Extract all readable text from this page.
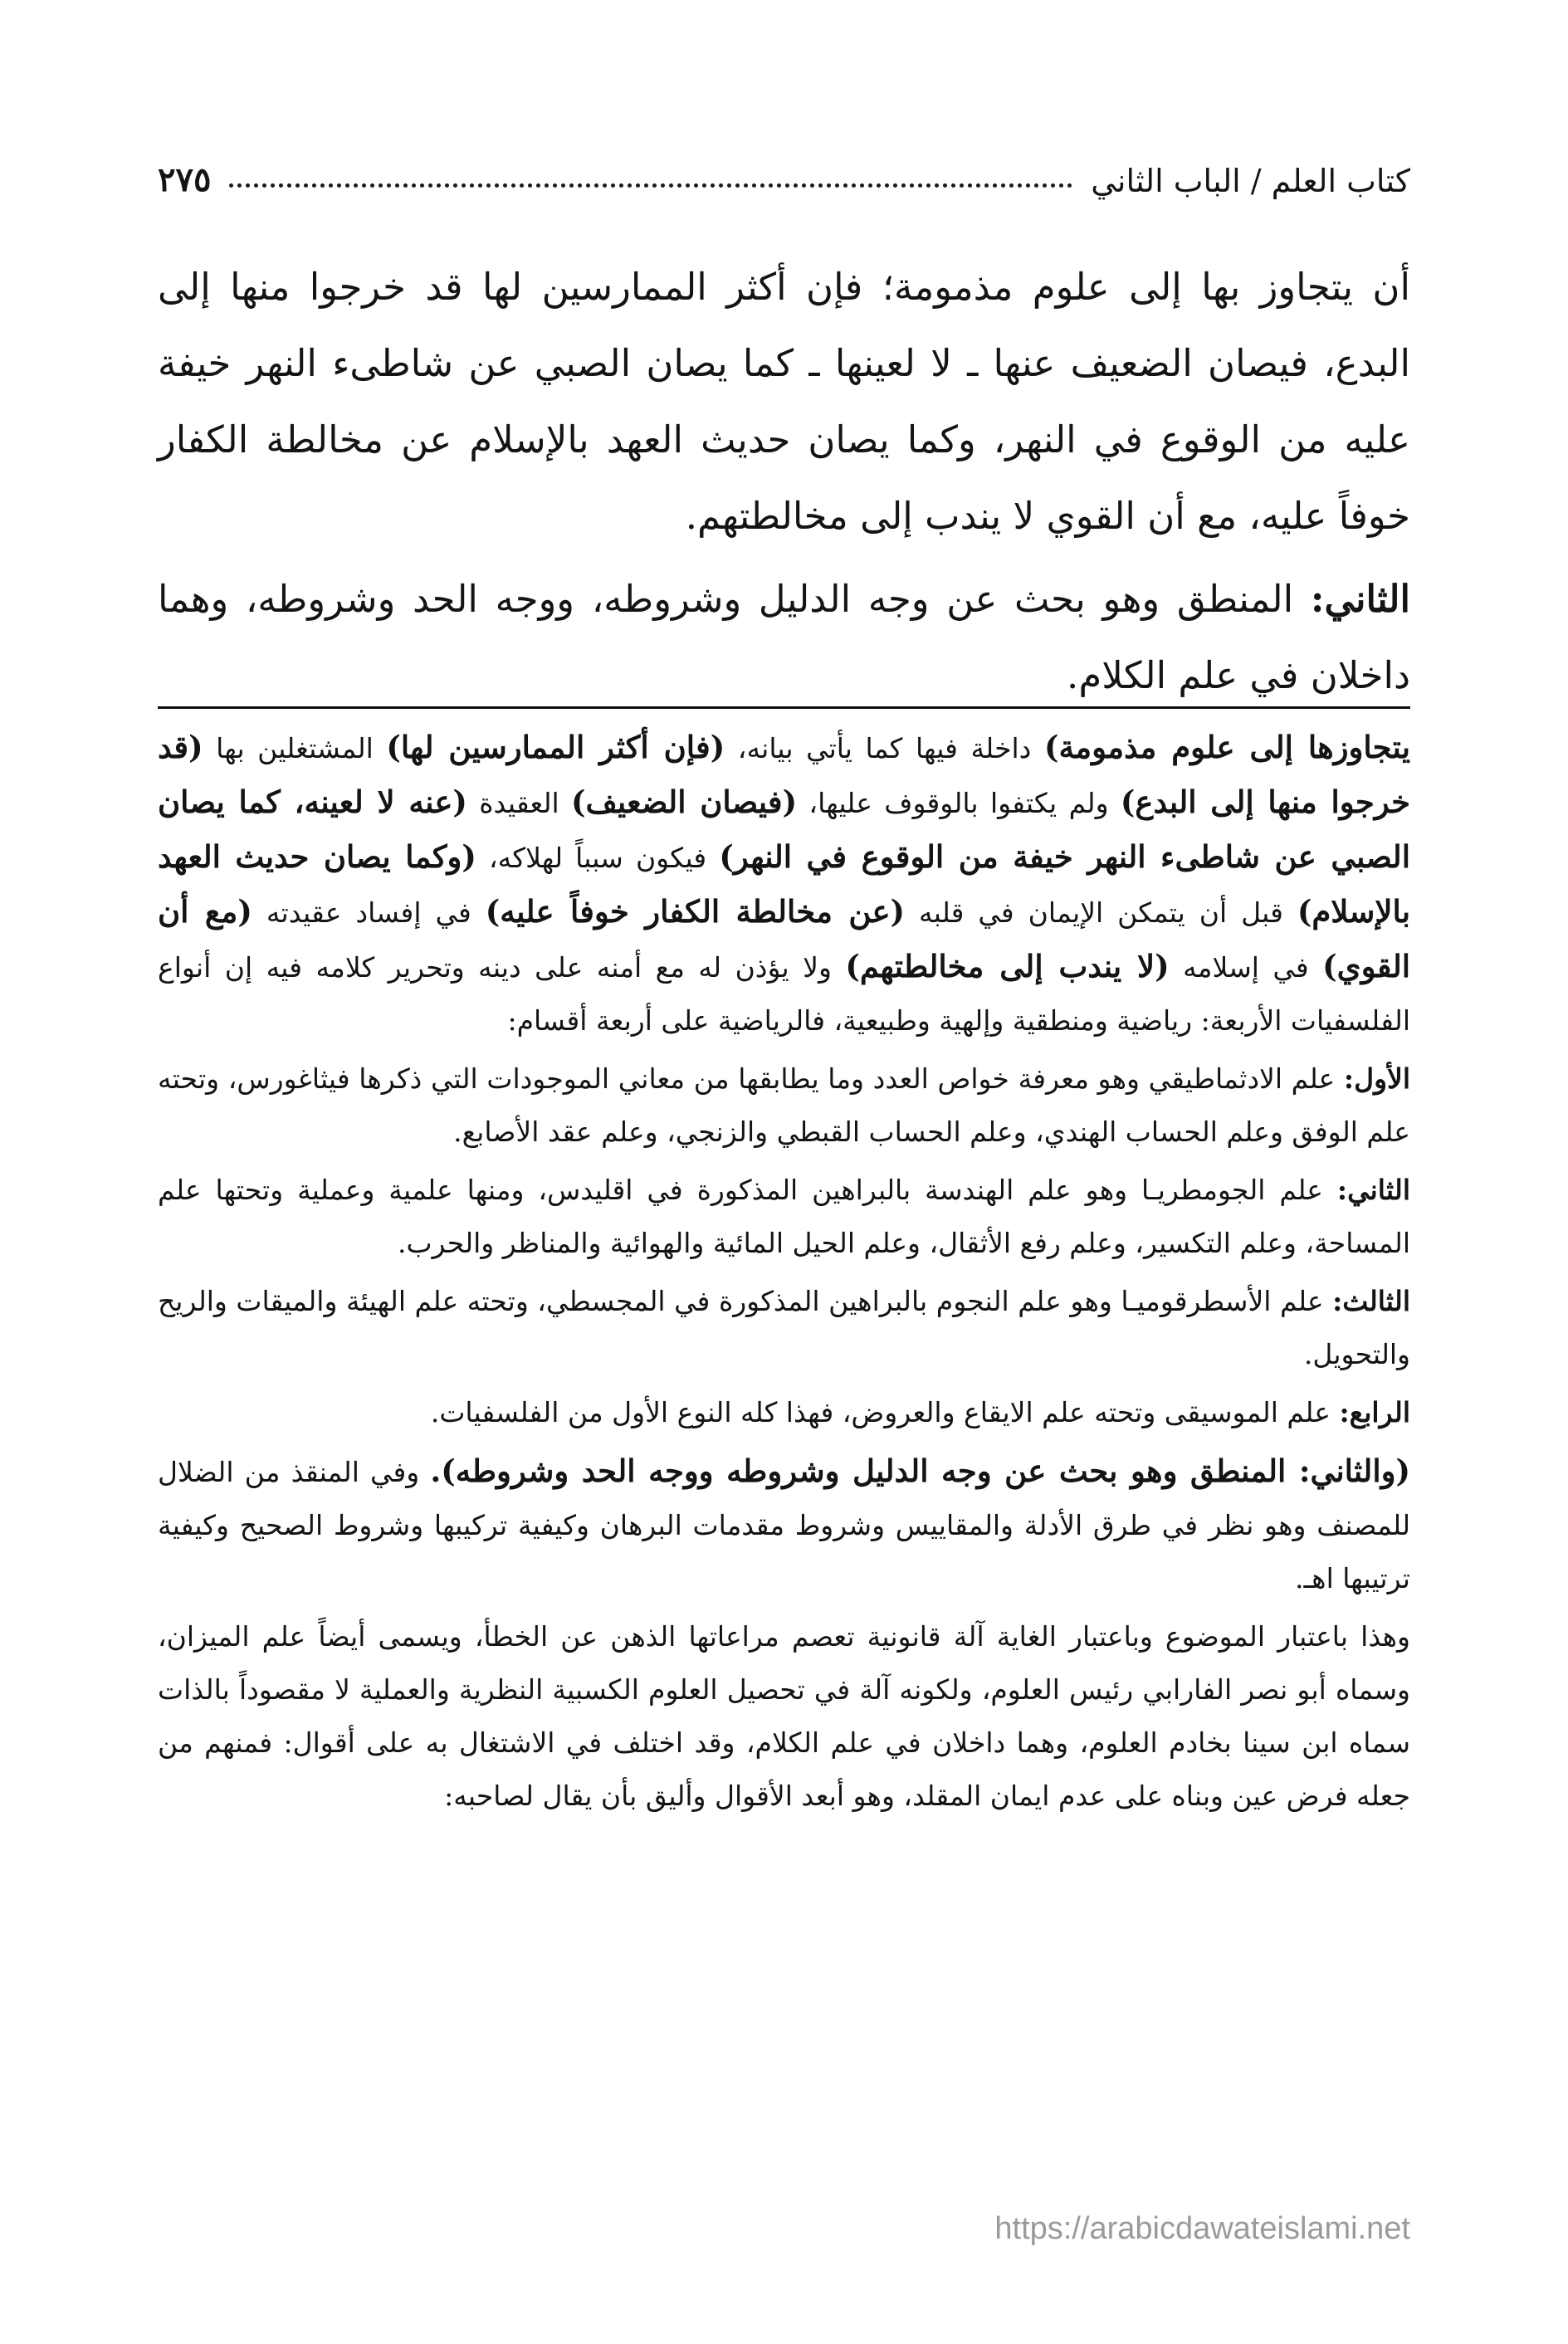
كتاب العلم / الباب الثاني
٢٧٥

أن يتجاوز بها إلى علوم مذمومة؛ فإن أكثر الممارسين لها قد خرجوا منها إلى البدع، فيصان الضعيف عنها ـ لا لعينها ـ كما يصان الصبي عن شاطىء النهر خيفة عليه من الوقوع في النهر، وكما يصان حديث العهد بالإسلام عن مخالطة الكفار خوفاً عليه، مع أن القوي لا يندب إلى مخالطتهم.

الثاني: المنطق وهو بحث عن وجه الدليل وشروطه، ووجه الحد وشروطه، وهما داخلان في علم الكلام.

يتجاوزها إلى علوم مذمومة) داخلة فيها كما يأتي بيانه، (فإن أكثر الممارسين لها) المشتغلين بها (قد خرجوا منها إلى البدع) ولم يكتفوا بالوقوف عليها، (فيصان الضعيف) العقيدة (عنه لا لعينه، كما يصان الصبي عن شاطىء النهر خيفة من الوقوع في النهر) فيكون سبباً لهلاكه، (وكما يصان حديث العهد بالإسلام) قبل أن يتمكن الإيمان في قلبه (عن مخالطة الكفار خوفاً عليه) في إفساد عقيدته (مع أن القوي) في إسلامه (لا يندب إلى مخالطتهم) ولا يؤذن له مع أمنه على دينه وتحرير كلامه فيه إن أنواع الفلسفيات الأربعة: رياضية ومنطقية وإلهية وطبيعية، فالرياضية على أربعة أقسام:

الأول: علم الادثماطيقي وهو معرفة خواص العدد وما يطابقها من معاني الموجودات التي ذكرها فيثاغورس، وتحته علم الوفق وعلم الحساب الهندي، وعلم الحساب القبطي والزنجي، وعلم عقد الأصابع.

الثاني: علم الجومطريـا وهو علم الهندسة بالبراهين المذكورة في اقليدس، ومنها علمية وعملية وتحتها علم المساحة، وعلم التكسير، وعلم رفع الأثقال، وعلم الحيل المائية والهوائية والمناظر والحرب.

الثالث: علم الأسطرقوميـا وهو علم النجوم بالبراهين المذكورة في المجسطي، وتحته علم الهيئة والميقات والريح والتحويل.

الرابع: علم الموسيقى وتحته علم الايقاع والعروض، فهذا كله النوع الأول من الفلسفيات.

(والثاني: المنطق وهو بحث عن وجه الدليل وشروطه ووجه الحد وشروطه). وفي المنقذ من الضلال للمصنف وهو نظر في طرق الأدلة والمقاييس وشروط مقدمات البرهان وكيفية تركيبها وشروط الصحيح وكيفية ترتيبها اهـ.

وهذا باعتبار الموضوع وباعتبار الغاية آلة قانونية تعصم مراعاتها الذهن عن الخطأ، ويسمى أيضاً علم الميزان، وسماه أبو نصر الفارابي رئيس العلوم، ولكونه آلة في تحصيل العلوم الكسبية النظرية والعملية لا مقصوداً بالذات سماه ابن سينا بخادم العلوم، وهما داخلان في علم الكلام، وقد اختلف في الاشتغال به على أقوال: فمنهم من جعله فرض عين وبناه على عدم ايمان المقلد، وهو أبعد الأقوال وأليق بأن يقال لصاحبه:

https://arabicdawateislami.net
